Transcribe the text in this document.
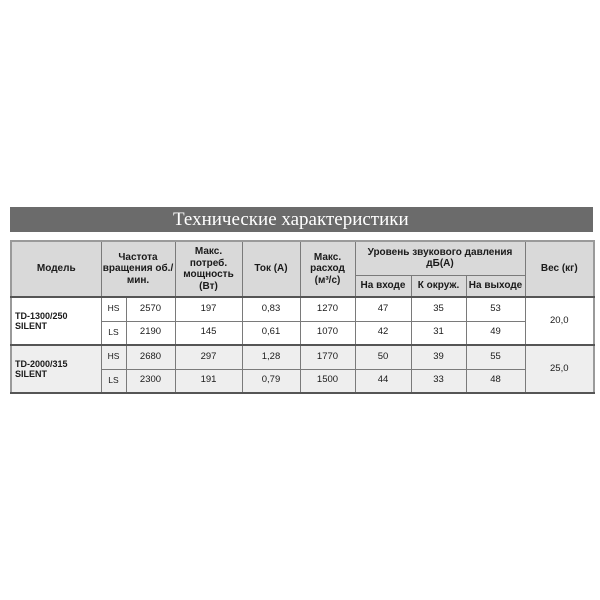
Технические характеристики
Модель	Частота вращения об./мин.		Макс. потреб. мощность (Вт)	Ток (А)	Макс. расход (м³/с)	Уровень звукового давления дБ(А)			Вес (кг)
						На входе	К окруж.	На выходе	
TD-1300/250 SILENT	HS	2570	197	0,83	1270	47	35	53	20,0
	LS	2190	145	0,61	1070	42	31	49	
TD-2000/315 SILENT	HS	2680	297	1,28	1770	50	39	55	25,0
	LS	2300	191	0,79	1500	44	33	48	
